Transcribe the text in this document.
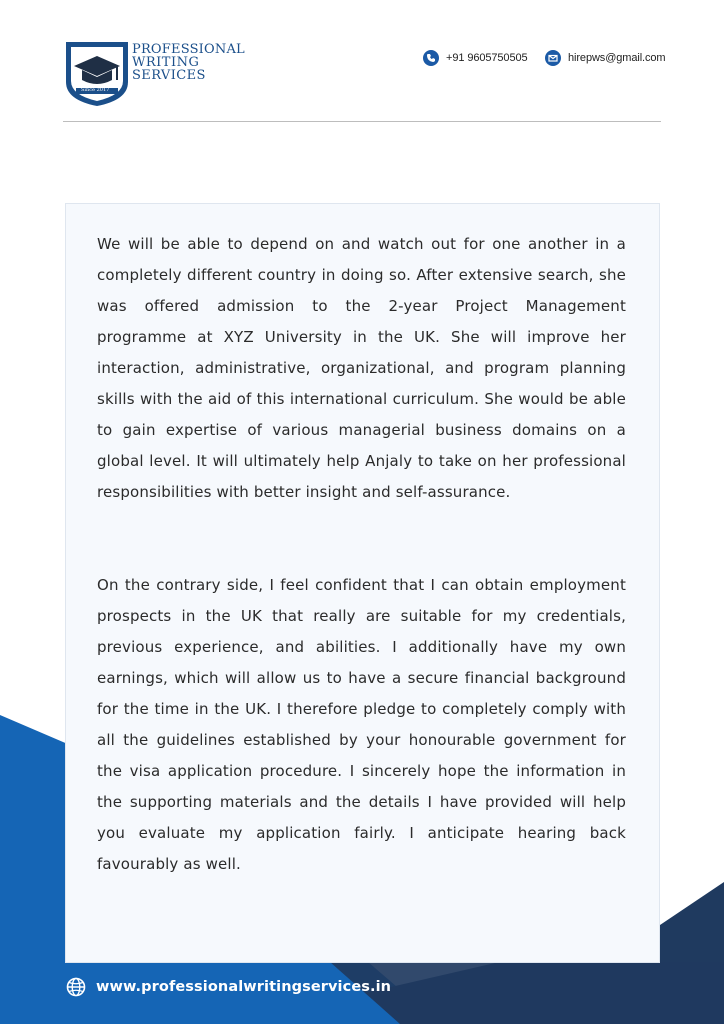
PROFESSIONAL
WRITING
SERVICES
Since 2017
+91 9605750505	hirepws@gmail.com

We will be able to depend on and watch out for one another in a completely different country in doing so. After extensive search, she was offered admission to the 2-year Project Management programme at XYZ University in the UK. She will improve her interaction, administrative, organizational, and program planning skills with the aid of this international curriculum. She would be able to gain expertise of various managerial business domains on a global level. It will ultimately help Anjaly to take on her professional responsibilities with better insight and self-assurance.

On the contrary side, I feel confident that I can obtain employment prospects in the UK that really are suitable for my credentials, previous experience, and abilities. I additionally have my own earnings, which will allow us to have a secure financial background for the time in the UK. I therefore pledge to completely comply with all the guidelines established by your honourable government for the visa application procedure. I sincerely hope the information in the supporting materials and the details I have provided will help you evaluate my application fairly. I anticipate hearing back favourably as well.

www.professionalwritingservices.in
